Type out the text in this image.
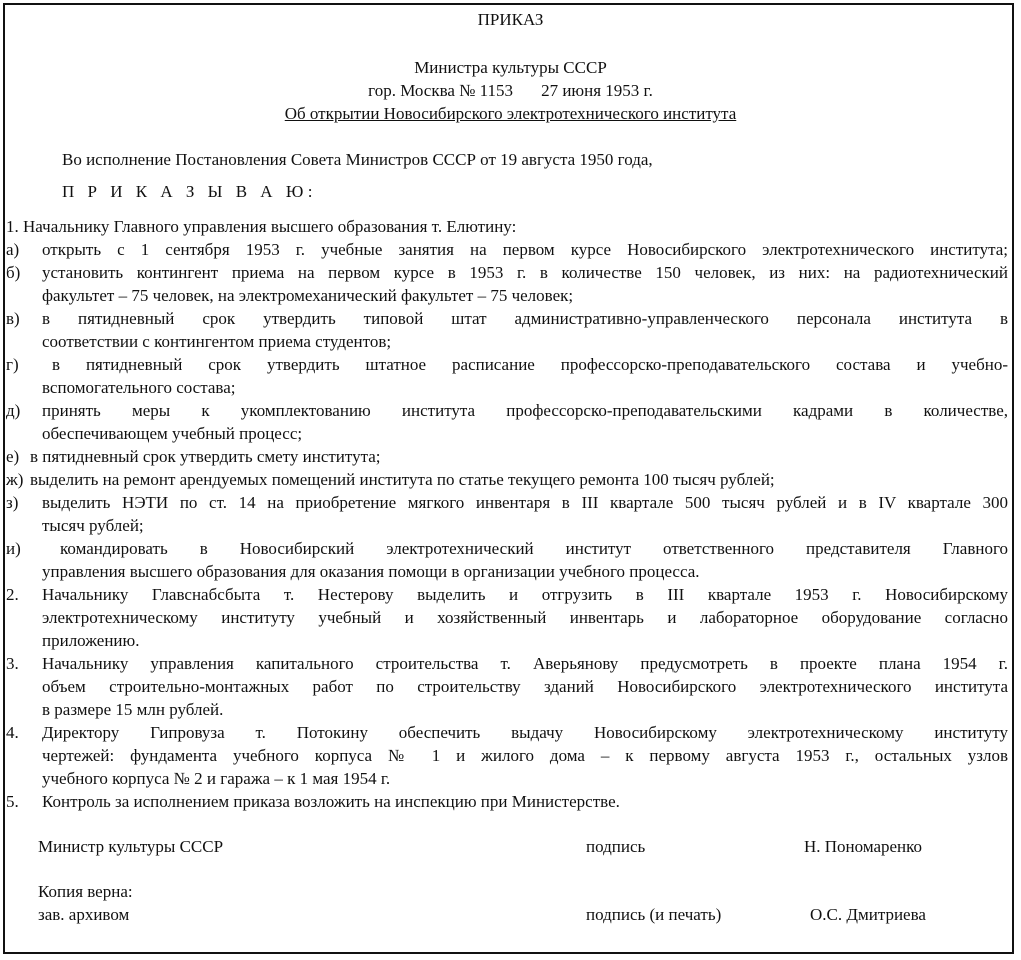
ПРИКАЗ
Министра культуры СССР
гор. Москва № 1153 27 июня 1953 г.
Об открытии Новосибирского электротехнического института
Во исполнение Постановления Совета Министров СССР от 19 августа 1950 года,
П Р И К А З Ы В А Ю:
1. Начальнику Главного управления высшего образования т. Елютину:
а) открыть с 1 сентября 1953 г. учебные занятия на первом курсе Новосибирского электротехнического института;
б) установить контингент приема на первом курсе в 1953 г. в количестве 150 человек, из них: на радиотехнический
факультет – 75 человек, на электромеханический факультет – 75 человек;
в) в пятидневный срок утвердить типовой штат административно-управленческого персонала института в
соответствии с контингентом приема студентов;
г) в пятидневный срок утвердить штатное расписание профессорско-преподавательского состава и учебно-
вспомогательного состава;
д) принять меры к укомплектованию института профессорско-преподавательскими кадрами в количестве,
обеспечивающем учебный процесс;
е) в пятидневный срок утвердить смету института;
ж) выделить на ремонт арендуемых помещений института по статье текущего ремонта 100 тысяч рублей;
з) выделить НЭТИ по ст. 14 на приобретение мягкого инвентаря в III квартале 500 тысяч рублей и в IV квартале 300
тысяч рублей;
и) командировать в Новосибирский электротехнический институт ответственного представителя Главного
управления высшего образования для оказания помощи в организации учебного процесса.
2. Начальнику Главснабсбыта т. Нестерову выделить и отгрузить в III квартале 1953 г. Новосибирскому
электротехническому институту учебный и хозяйственный инвентарь и лабораторное оборудование согласно
приложению.
3. Начальнику управления капитального строительства т. Аверьянову предусмотреть в проекте плана 1954 г.
объем строительно-монтажных работ по строительству зданий Новосибирского электротехнического института
в размере 15 млн рублей.
4. Директору Гипровуза т. Потокину обеспечить выдачу Новосибирскому электротехническому институту
чертежей: фундамента учебного корпуса № 1 и жилого дома – к первому августа 1953 г., остальных узлов
учебного корпуса № 2 и гаража – к 1 мая 1954 г.
5. Контроль за исполнением приказа возложить на инспекцию при Министерстве.
Министр культуры СССР	подпись	Н. Пономаренко
Копия верна:
зав. архивом	подпись (и печать)	О.С. Дмитриева
